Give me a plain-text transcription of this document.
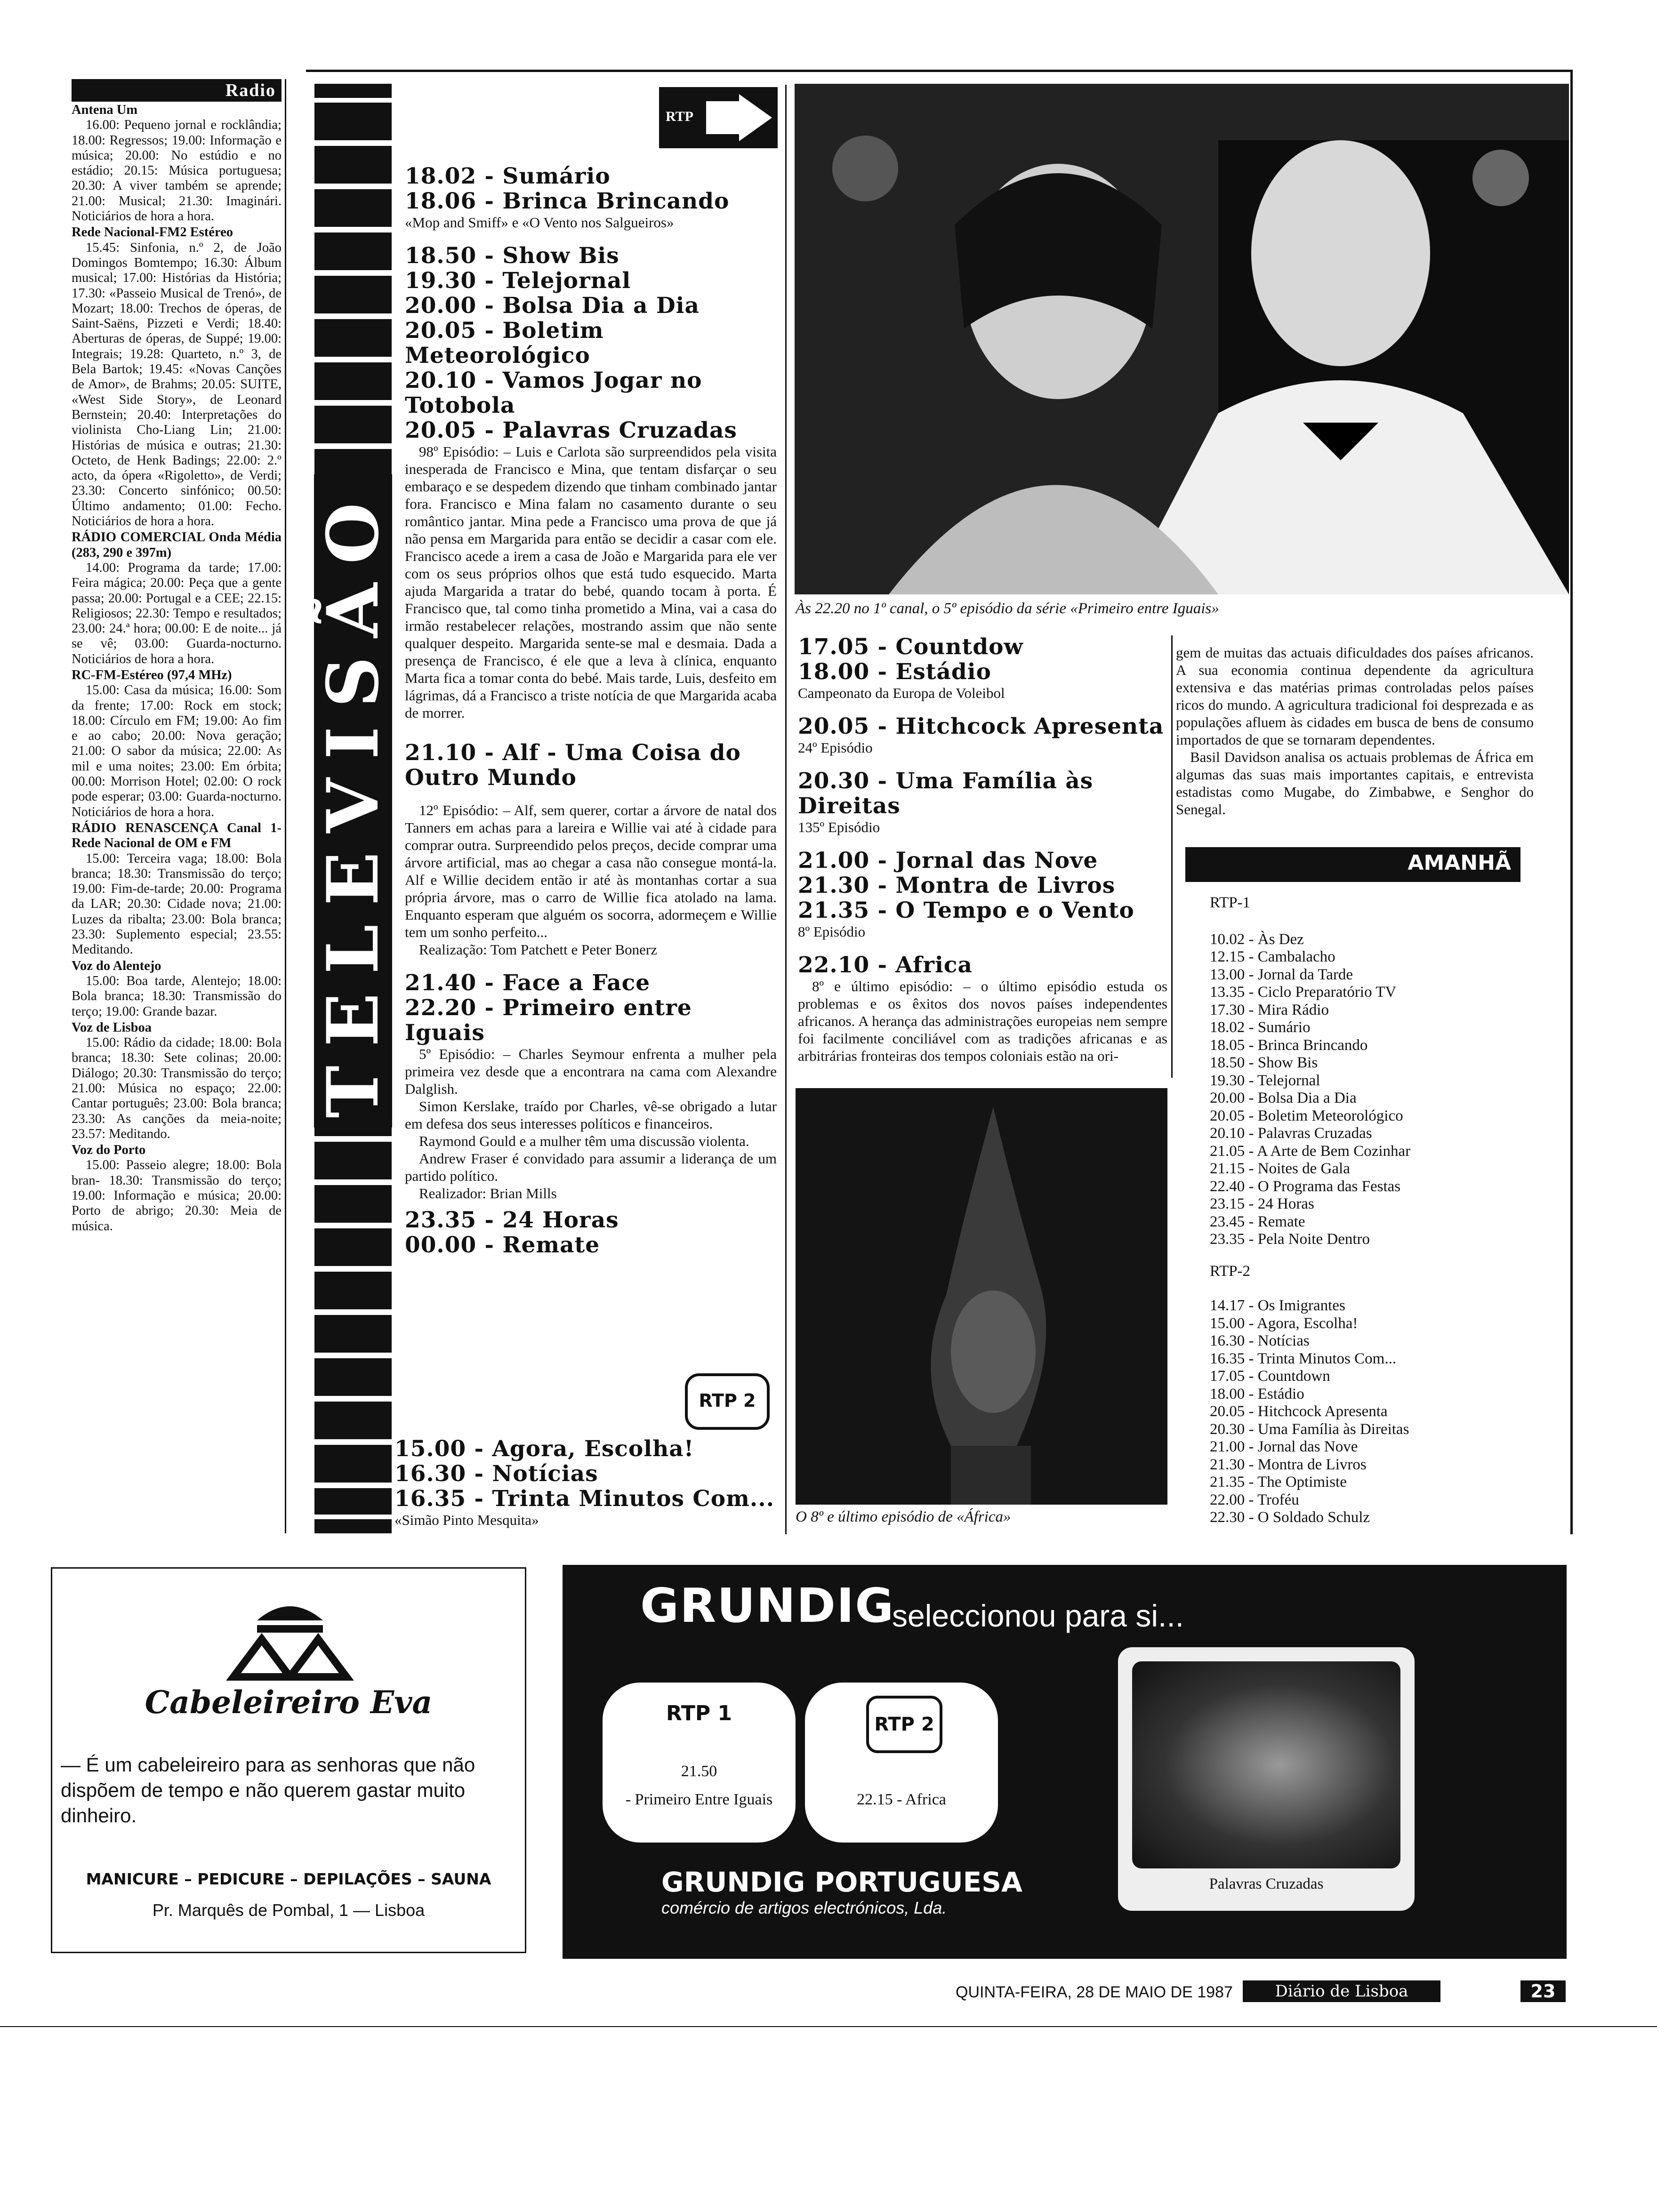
Radio
Antena Um
16.00: Pequeno jornal e rocklândia; 18.00: Regressos; 19.00: Informação e música; 20.00: No estúdio e no estádio; 20.15: Música portuguesa; 20.30: A viver também se aprende; 21.00: Musical; 21.30: Imaginári. Noticiários de hora a hora.
Rede Nacional-FM2 Estéreo
15.45: Sinfonia, n.º 2, de João Domingos Bomtempo; 16.30: Álbum musical; 17.00: Histórias da História; 17.30: «Passeio Musical de Trenó», de Mozart; 18.00: Trechos de óperas, de Saint-Saëns, Pizzeti e Verdi; 18.40: Aberturas de óperas, de Suppé; 19.00: Integrais; 19.28: Quarteto, n.º 3, de Bela Bartok; 19.45: «Novas Canções de Amor», de Brahms; 20.05: SUITE, «West Side Story», de Leonard Bernstein; 20.40: Interpretações do violinista Cho-Liang Lin; 21.00: Histórias de música e outras; 21.30: Octeto, de Henk Badings; 22.00: 2.º acto, da ópera «Rigoletto», de Verdi; 23.30: Concerto sinfónico; 00.50: Último andamento; 01.00: Fecho. Noticiários de hora a hora.
RÁDIO COMERCIAL Onda Média (283, 290 e 397m)
14.00: Programa da tarde; 17.00: Feira mágica; 20.00: Peça que a gente passa; 20.00: Portugal e a CEE; 22.15: Religiosos; 22.30: Tempo e resultados; 23.00: 24.ª hora; 00.00: E de noite... já se vê; 03.00: Guarda-nocturno. Noticiários de hora a hora.
RC-FM-Estéreo (97,4 MHz)
15.00: Casa da música; 16.00: Som da frente; 17.00: Rock em stock; 18.00: Círculo em FM; 19.00: Ao fim e ao cabo; 20.00: Nova geração; 21.00: O sabor da música; 22.00: As mil e uma noites; 23.00: Em órbita; 00.00: Morrison Hotel; 02.00: O rock pode esperar; 03.00: Guarda-nocturno. Noticiários de hora a hora.
RÁDIO RENASCENÇA Canal 1-Rede Nacional de OM e FM
15.00: Terceira vaga; 18.00: Bola branca; 18.30: Transmissão do terço; 19.00: Fim-de-tarde; 20.00: Programa da LAR; 20.30: Cidade nova; 21.00: Luzes da ribalta; 23.00: Bola branca; 23.30: Suplemento especial; 23.55: Meditando.
Voz do Alentejo
15.00: Boa tarde, Alentejo; 18.00: Bola branca; 18.30: Transmissão do terço; 19.00: Grande bazar.
Voz de Lisboa
15.00: Rádio da cidade; 18.00: Bola branca; 18.30: Sete colinas; 20.00: Diálogo; 20.30: Transmissão do terço; 21.00: Música no espaço; 22.00: Cantar português; 23.00: Bola branca; 23.30: As canções da meia-noite; 23.57: Meditando.
Voz do Porto
15.00: Passeio alegre; 18.00: Bola bran- 18.30: Transmissão do terço; 19.00: Informação e música; 20.00: Porto de abrigo; 20.30: Meia de música.
TELEVISÃO
RTP
18.02 - Sumário
18.06 - Brinca Brincando
«Mop and Smiff» e «O Vento nos Salgueiros»
18.50 - Show Bis
19.30 - Telejornal
20.00 - Bolsa Dia a Dia
20.05 - Boletim Meteorológico
20.10 - Vamos Jogar no Totobola
20.05 - Palavras Cruzadas
98º Episódio: – Luis e Carlota são surpreendidos pela visita inesperada de Francisco e Mina, que tentam disfarçar o seu embaraço e se despedem dizendo que tinham combinado jantar fora. Francisco e Mina falam no casamento durante o seu romântico jantar. Mina pede a Francisco uma prova de que já não pensa em Margarida para então se decidir a casar com ele. Francisco acede a irem a casa de João e Margarida para ele ver com os seus próprios olhos que está tudo esquecido. Marta ajuda Margarida a tratar do bebé, quando tocam à porta. É Francisco que, tal como tinha prometido a Mina, vai a casa do irmão restabelecer relações, mostrando assim que não sente qualquer despeito. Margarida sente-se mal e desmaia. Dada a presença de Francisco, é ele que a leva à clínica, enquanto Marta fica a tomar conta do bebé. Mais tarde, Luis, desfeito em lágrimas, dá a Francisco a triste notícia de que Margarida acaba de morrer.
21.10 - Alf - Uma Coisa do Outro Mundo
12º Episódio: – Alf, sem querer, cortar a árvore de natal dos Tanners em achas para a lareira e Willie vai até à cidade para comprar outra. Surpreendido pelos preços, decide comprar uma árvore artificial, mas ao chegar a casa não consegue montá-la. Alf e Willie decidem então ir até às montanhas cortar a sua própria árvore, mas o carro de Willie fica atolado na lama. Enquanto esperam que alguém os socorra, adormeçem e Willie tem um sonho perfeito...
Realização: Tom Patchett e Peter Bonerz
21.40 - Face a Face
22.20 - Primeiro entre Iguais
5º Episódio: – Charles Seymour enfrenta a mulher pela primeira vez desde que a encontrara na cama com Alexandre Dalglish.
Simon Kerslake, traído por Charles, vê-se obrigado a lutar em defesa dos seus interesses políticos e financeiros.
Raymond Gould e a mulher têm uma discussão violenta.
Andrew Fraser é convidado para assumir a liderança de um partido político.
Realizador: Brian Mills
23.35 - 24 Horas
00.00 - Remate
RTP 2
15.00 - Agora, Escolha!
16.30 - Notícias
16.35 - Trinta Minutos Com...
«Simão Pinto Mesquita»
Às 22.20 no 1º canal, o 5º episódio da série «Primeiro entre Iguais»
17.05 - Countdow
18.00 - Estádio
Campeonato da Europa de Voleibol
20.05 - Hitchcock Apresenta
24º Episódio
20.30 - Uma Família às Direitas
135º Episódio
21.00 - Jornal das Nove
21.30 - Montra de Livros
21.35 - O Tempo e o Vento
8º Episódio
22.10 - Africa
8º e último episódio: – o último episódio estuda os problemas e os êxitos dos novos países independentes africanos. A herança das administrações europeias nem sempre foi facilmente conciliável com as tradições africanas e as arbitrárias fronteiras dos tempos coloniais estão na ori-
O 8º e último episódio de «África»
gem de muitas das actuais dificuldades dos países africanos. A sua economia continua dependente da agricultura extensiva e das matérias primas controladas pelos países ricos do mundo. A agricultura tradicional foi desprezada e as populações afluem às cidades em busca de bens de consumo importados de que se tornaram dependentes.
Basil Davidson analisa os actuais problemas de África em algumas das suas mais importantes capitais, e entrevista estadistas como Mugabe, do Zimbabwe, e Senghor do Senegal.
AMANHÃ
RTP-1
10.02 - Às Dez
12.15 - Cambalacho
13.00 - Jornal da Tarde
13.35 - Ciclo Preparatório TV
17.30 - Mira Rádio
18.02 - Sumário
18.05 - Brinca Brincando
18.50 - Show Bis
19.30 - Telejornal
20.00 - Bolsa Dia a Dia
20.05 - Boletim Meteorológico
20.10 - Palavras Cruzadas
21.05 - A Arte de Bem Cozinhar
21.15 - Noites de Gala
22.40 - O Programa das Festas
23.15 - 24 Horas
23.45 - Remate
23.35 - Pela Noite Dentro
RTP-2
14.17 - Os Imigrantes
15.00 - Agora, Escolha!
16.30 - Notícias
16.35 - Trinta Minutos Com...
17.05 - Countdown
18.00 - Estádio
20.05 - Hitchcock Apresenta
20.30 - Uma Família às Direitas
21.00 - Jornal das Nove
21.30 - Montra de Livros
21.35 - The Optimiste
22.00 - Troféu
22.30 - O Soldado Schulz
EVA
Cabeleireiro Eva
— É um cabeleireiro para as senhoras que não dispõem de tempo e não querem gastar muito dinheiro.
MANICURE – PEDICURE – DEPILAÇÕES – SAUNA
Pr. Marquês de Pombal, 1 — Lisboa
GRUNDIG
seleccionou para si...
RTP 1
21.50
- Primeiro Entre Iguais
RTP 2
22.15 - Africa
GRUNDIG PORTUGUESA
comércio de artigos electrónicos, Lda.
Palavras Cruzadas
QUINTA-FEIRA, 28 DE MAIO DE 1987	Diário de Lisboa	23
